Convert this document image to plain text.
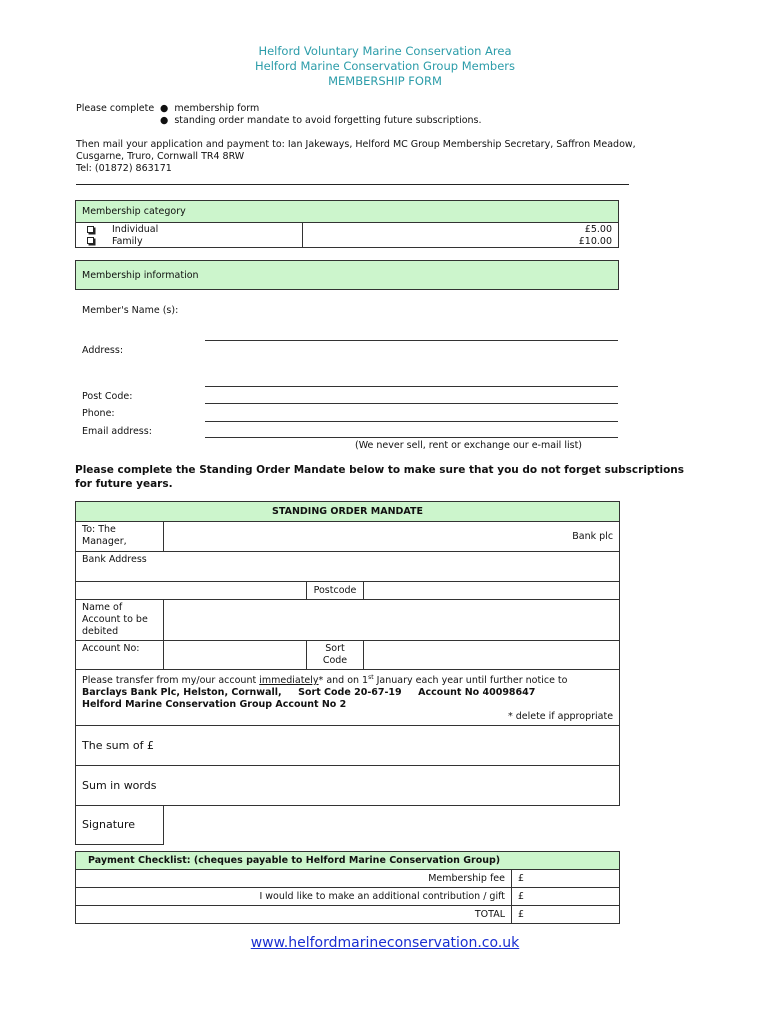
Helford Voluntary Marine Conservation Area
Helford Marine Conservation Group Members
MEMBERSHIP FORM
Please complete ● membership form
● standing order mandate to avoid forgetting future subscriptions.
Then mail your application and payment to: Ian Jakeways, Helford MC Group Membership Secretary, Saffron Meadow,
Cusgarne, Truro, Cornwall TR4 8RW
Tel: (01872) 863171
Membership category
Individual	£5.00
Family	£10.00
Membership information
Member's Name (s):
Address:
Post Code:
Phone:
Email address:
(We never sell, rent or exchange our e-mail list)
Please complete the Standing Order Mandate below to make sure that you do not forget subscriptions
for future years.
STANDING ORDER MANDATE			
To: The Manager,	Bank plc		
Bank Address			
		Postcode	
Name of Account to be debited			
Account No:		Sort Code	

Please transfer from my/our account immediately* and on 1st January each year until further notice to
Barclays Bank Plc, Helston, Cornwall,     Sort Code 20-67-19     Account No 40098647
Helford Marine Conservation Group Account No 2
* delete if appropriate			

The sum of £			
Sum in words			
Signature			
Payment Checklist: (cheques payable to Helford Marine Conservation Group)	
Membership fee	£
I would like to make an additional contribution / gift	£
TOTAL	£
www.helfordmarineconservation.co.uk
